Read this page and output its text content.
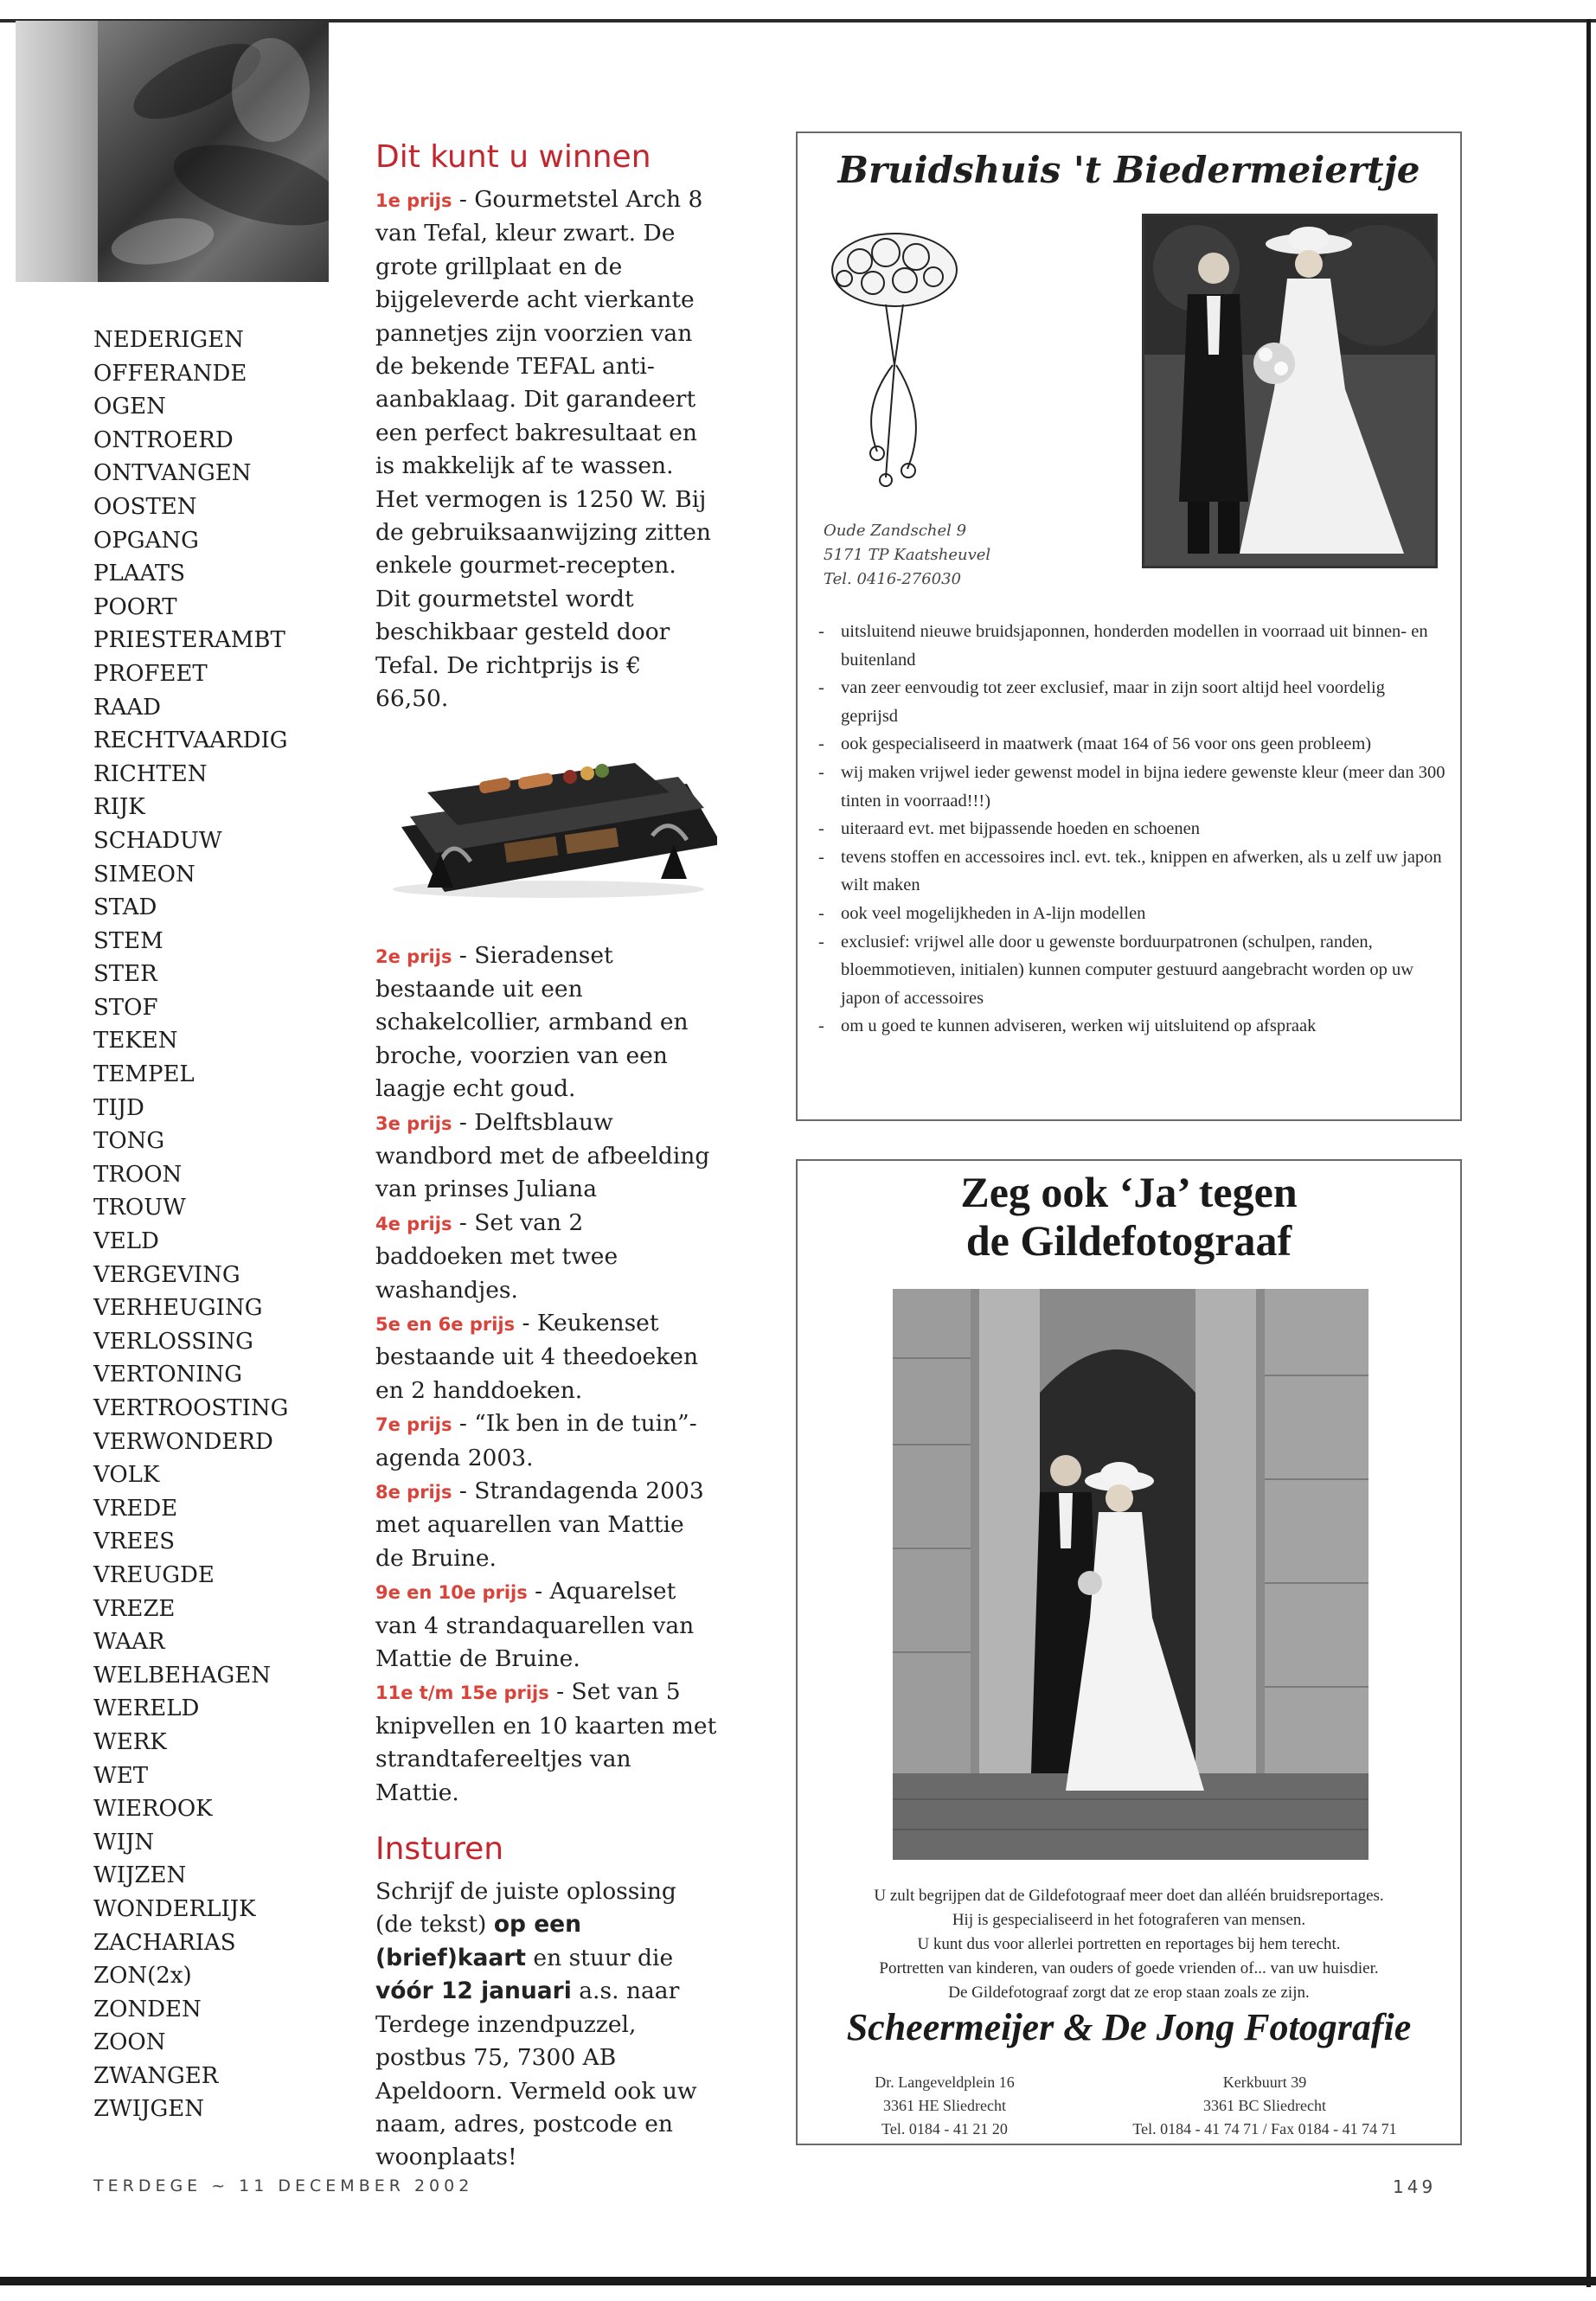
NEDERIGEN
OFFERANDE
OGEN
ONTROERD
ONTVANGEN
OOSTEN
OPGANG
PLAATS
POORT
PRIESTERAMBT
PROFEET
RAAD
RECHTVAARDIG
RICHTEN
RIJK
SCHADUW
SIMEON
STAD
STEM
STER
STOF
TEKEN
TEMPEL
TIJD
TONG
TROON
TROUW
VELD
VERGEVING
VERHEUGING
VERLOSSING
VERTONING
VERTROOSTING
VERWONDERD
VOLK
VREDE
VREES
VREUGDE
VREZE
WAAR
WELBEHAGEN
WERELD
WERK
WET
WIEROOK
WIJN
WIJZEN
WONDERLIJK
ZACHARIAS
ZON(2x)
ZONDEN
ZOON
ZWANGER
ZWIJGEN
Dit kunt u winnen

1e prijs - Gourmetstel Arch 8 van Tefal, kleur zwart. De grote grillplaat en de bijgeleverde acht vierkante pannetjes zijn voorzien van de bekende TEFAL anti-aanbaklaag. Dit garandeert een perfect bakresultaat en is makkelijk af te wassen. Het vermogen is 1250 W. Bij de gebruiksaanwijzing zitten enkele gourmet-recepten. Dit gourmetstel wordt beschikbaar gesteld door Tefal. De richtprijs is € 66,50.

2e prijs - Sieradenset bestaande uit een schakelcollier, armband en broche, voorzien van een laagje echt goud.

3e prijs - Delftsblauw wandbord met de afbeelding van prinses Juliana

4e prijs - Set van 2 baddoeken met twee washandjes.

5e en 6e prijs - Keukenset bestaande uit 4 theedoeken en 2 handdoeken.

7e prijs - “Ik ben in de tuin”-agenda 2003.

8e prijs - Strandagenda 2003 met aquarellen van Mattie de Bruine.

9e en 10e prijs - Aquarelset van 4 strandaquarellen van Mattie de Bruine.

11e t/m 15e prijs - Set van 5 knipvellen en 10 kaarten met strandtafereeltjes van Mattie.

Insturen

Schrijf de juiste oplossing (de tekst) op een (brief)kaart en stuur die vóór 12 januari a.s. naar Terdege inzendpuzzel, postbus 75, 7300 AB Apeldoorn. Vermeld ook uw naam, adres, postcode en woonplaats!

Bruidshuis 't Biedermeiertje
Oude Zandschel 9
5171 TP Kaatsheuvel
Tel. 0416-276030
- uitsluitend nieuwe bruidsjaponnen, honderden modellen in voorraad uit binnen- en buitenland
- van zeer eenvoudig tot zeer exclusief, maar in zijn soort altijd heel voordelig geprijsd
- ook gespecialiseerd in maatwerk (maat 164 of 56 voor ons geen probleem)
- wij maken vrijwel ieder gewenst model in bijna iedere gewenste kleur (meer dan 300 tinten in voorraad!!!)
- uiteraard evt. met bijpassende hoeden en schoenen
- tevens stoffen en accessoires incl. evt. tek., knippen en afwerken, als u zelf uw japon wilt maken
- ook veel mogelijkheden in A-lijn modellen
- exclusief: vrijwel alle door u gewenste borduurpatronen (schulpen, randen, bloemmotieven, initialen) kunnen computer gestuurd aangebracht worden op uw japon of accessoires
- om u goed te kunnen adviseren, werken wij uitsluitend op afspraak
Zeg ook ‘Ja’ tegen
de Gildefotograaf

U zult begrijpen dat de Gildefotograaf meer doet dan alléén bruidsreportages.

Hij is gespecialiseerd in het fotograferen van mensen.

U kunt dus voor allerlei portretten en reportages bij hem terecht.

Portretten van kinderen, van ouders of goede vrienden of... van uw huisdier.

De Gildefotograaf zorgt dat ze erop staan zoals ze zijn.

Scheermeijer & De Jong Fotografie

Dr. Langeveldplein 16

3361 HE Sliedrecht

Tel. 0184 - 41 21 20

Kerkbuurt 39

3361 BC Sliedrecht

Tel. 0184 - 41 74 71 / Fax 0184 - 41 74 71

TERDEGE ~ 11 DECEMBER 2002	149
